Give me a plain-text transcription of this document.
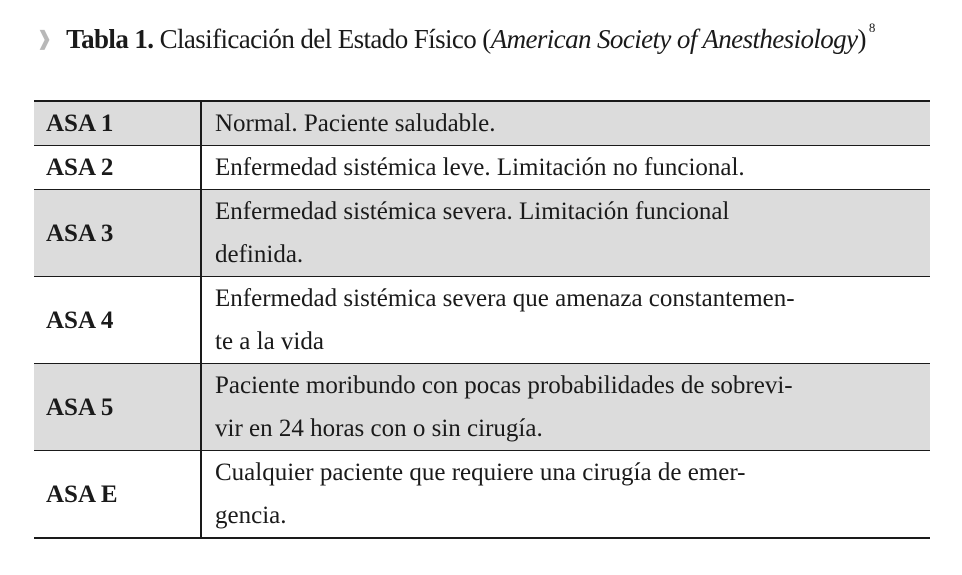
❱ Tabla 1. Clasificación del Estado Físico (American Society of Anesthesiology) $^8$
ASA 1	Normal. Paciente saludable.
ASA 2	Enfermedad sistémica leve. Limitación no funcional.
ASA 3	Enfermedad sistémica severa. Limitación funcional
definida.
ASA 4	Enfermedad sistémica severa que amenaza constantemen-
te a la vida
ASA 5	Paciente moribundo con pocas probabilidades de sobrevi-
vir en 24 horas con o sin cirugía.
ASA E	Cualquier paciente que requiere una cirugía de emer-
gencia.
